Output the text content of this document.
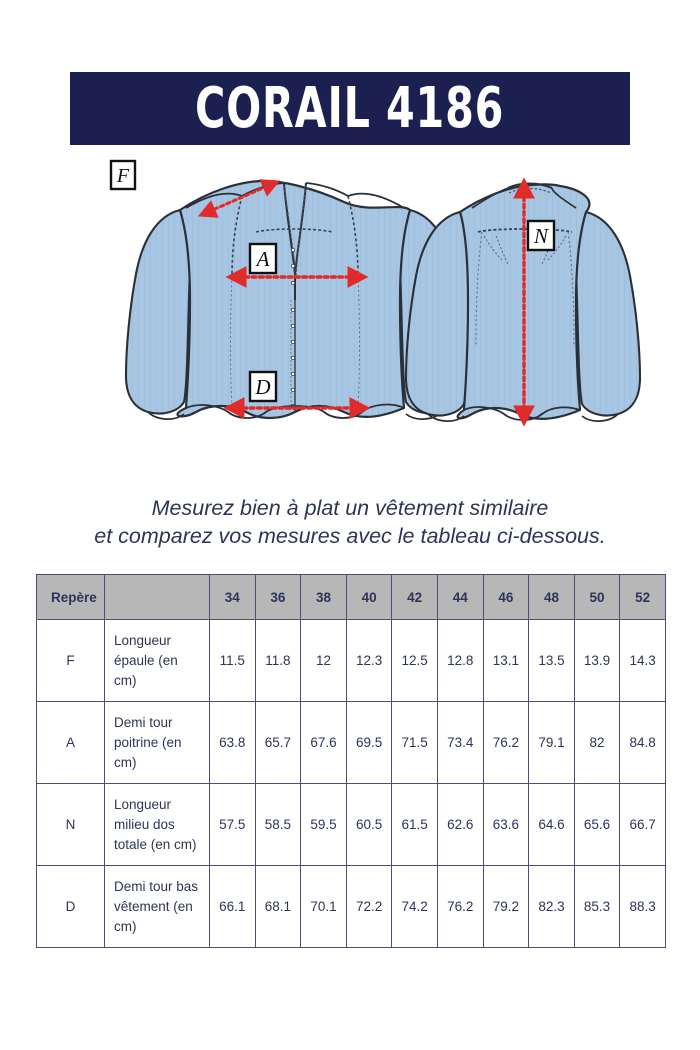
CORAIL 4186
F
A
D
N
Mesurez bien à plat un vêtement similaire
et comparez vos mesures avec le tableau ci-dessous.
Repère		34	36	38	40	42	44	46	48	50	52
F	Longueur épaule (en cm)	11.5	11.8	12	12.3	12.5	12.8	13.1	13.5	13.9	14.3
A	Demi tour poitrine (en cm)	63.8	65.7	67.6	69.5	71.5	73.4	76.2	79.1	82	84.8
N	Longueur milieu dos totale (en cm)	57.5	58.5	59.5	60.5	61.5	62.6	63.6	64.6	65.6	66.7
D	Demi tour bas vêtement (en cm)	66.1	68.1	70.1	72.2	74.2	76.2	79.2	82.3	85.3	88.3
